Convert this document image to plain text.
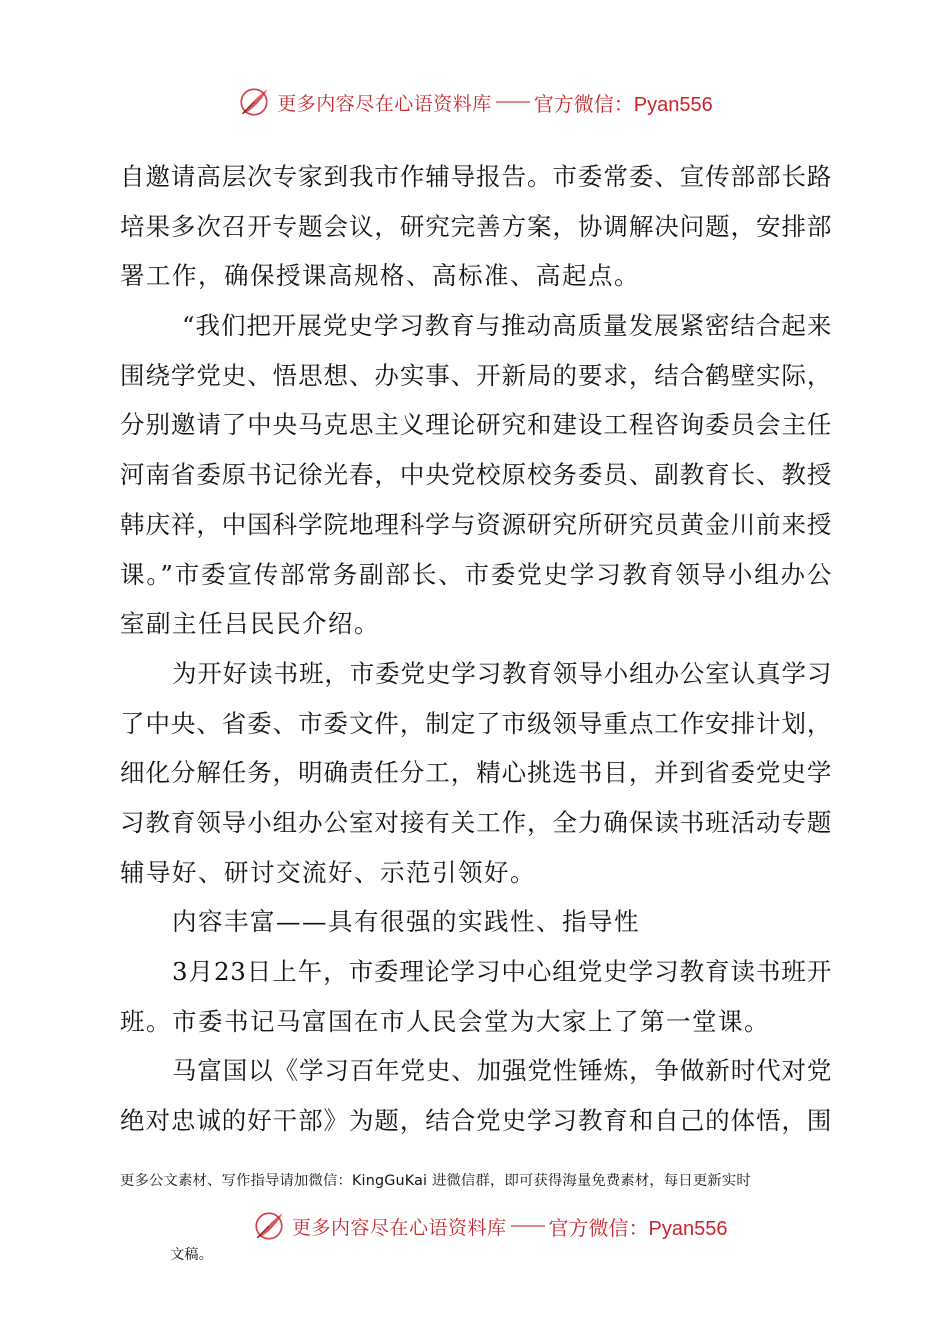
更多内容尽在心语资料库 官方微信：Pyan556
自邀请高层次专家到我市作辅导报告。市委常委、宣传部部长路
培果多次召开专题会议，研究完善方案，协调解决问题，安排部
署工作，确保授课高规格、高标准、高起点。
“我们把开展党史学习教育与推动高质量发展紧密结合起来
围绕学党史、悟思想、办实事、开新局的要求，结合鹤壁实际，
分别邀请了中央马克思主义理论研究和建设工程咨询委员会主任
河南省委原书记徐光春，中央党校原校务委员、副教育长、教授
韩庆祥，中国科学院地理科学与资源研究所研究员黄金川前来授
课。”市委宣传部常务副部长、市委党史学习教育领导小组办公
室副主任吕民民介绍。
为开好读书班，市委党史学习教育领导小组办公室认真学习
了中央、省委、市委文件，制定了市级领导重点工作安排计划，
细化分解任务，明确责任分工，精心挑选书目，并到省委党史学
习教育领导小组办公室对接有关工作，全力确保读书班活动专题
辅导好、研讨交流好、示范引领好。
内容丰富——具有很强的实践性、指导性
3月23日上午，市委理论学习中心组党史学习教育读书班开
班。市委书记马富国在市人民会堂为大家上了第一堂课。
马富国以《学习百年党史、加强党性锤炼，争做新时代对党
绝对忠诚的好干部》为题，结合党史学习教育和自己的体悟，围
更多公文素材、写作指导请加微信：KingGuKai 进微信群，即可获得海量免费素材，每日更新实时
更多内容尽在心语资料库 官方微信：Pyan556
文稿。
